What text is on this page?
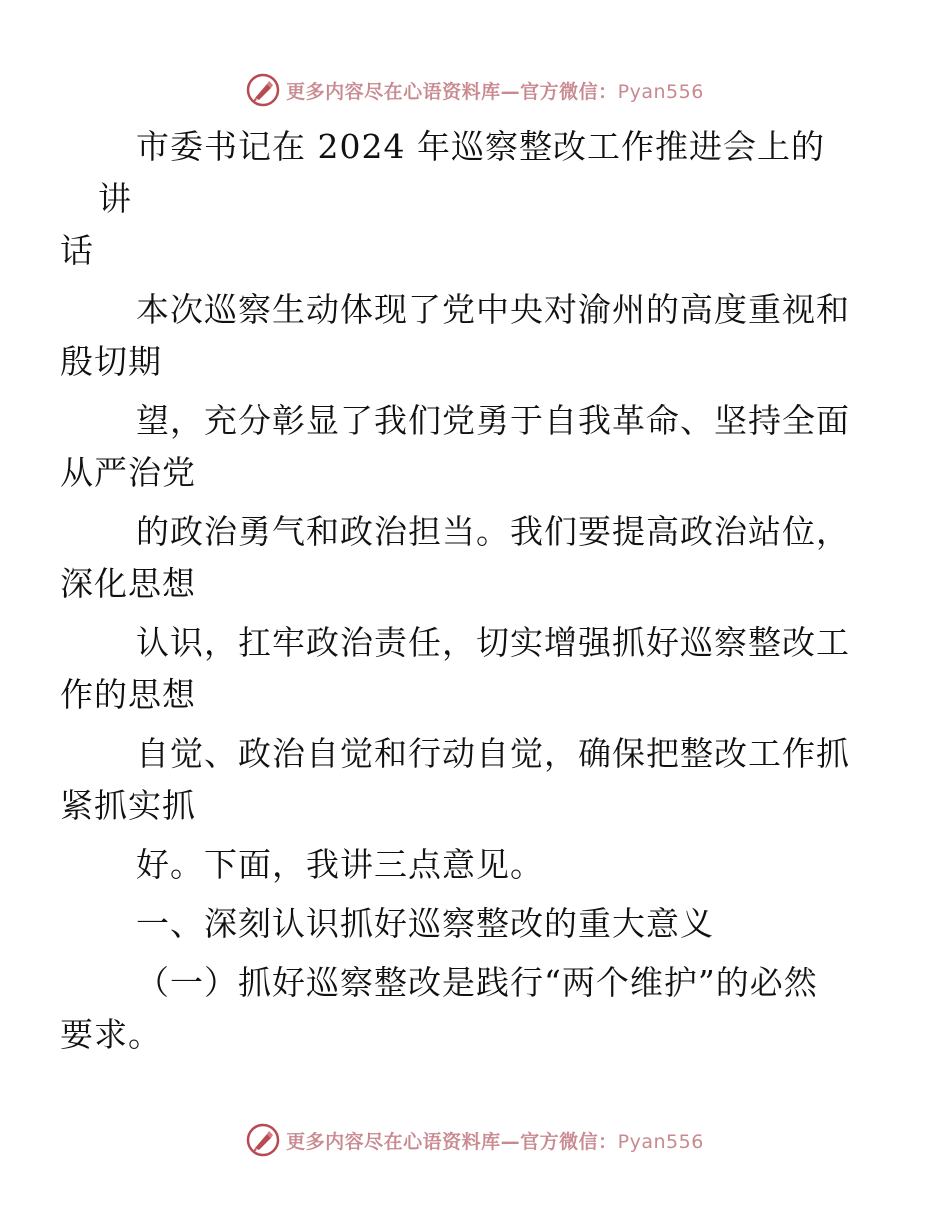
更多内容尽在心语资料库—官方微信：Pyan556

市委书记在 2024 年巡察整改工作推进会上的讲
话

本次巡察生动体现了党中央对渝州的高度重视和
殷切期

望，充分彰显了我们党勇于自我革命、坚持全面
从严治党

的政治勇气和政治担当。我们要提高政治站位，
深化思想

认识，扛牢政治责任，切实增强抓好巡察整改工
作的思想

自觉、政治自觉和行动自觉，确保把整改工作抓
紧抓实抓

好。下面，我讲三点意见。

一、深刻认识抓好巡察整改的重大意义

（一）抓好巡察整改是践行“两个维护”的必然
要求。

更多内容尽在心语资料库—官方微信：Pyan556
